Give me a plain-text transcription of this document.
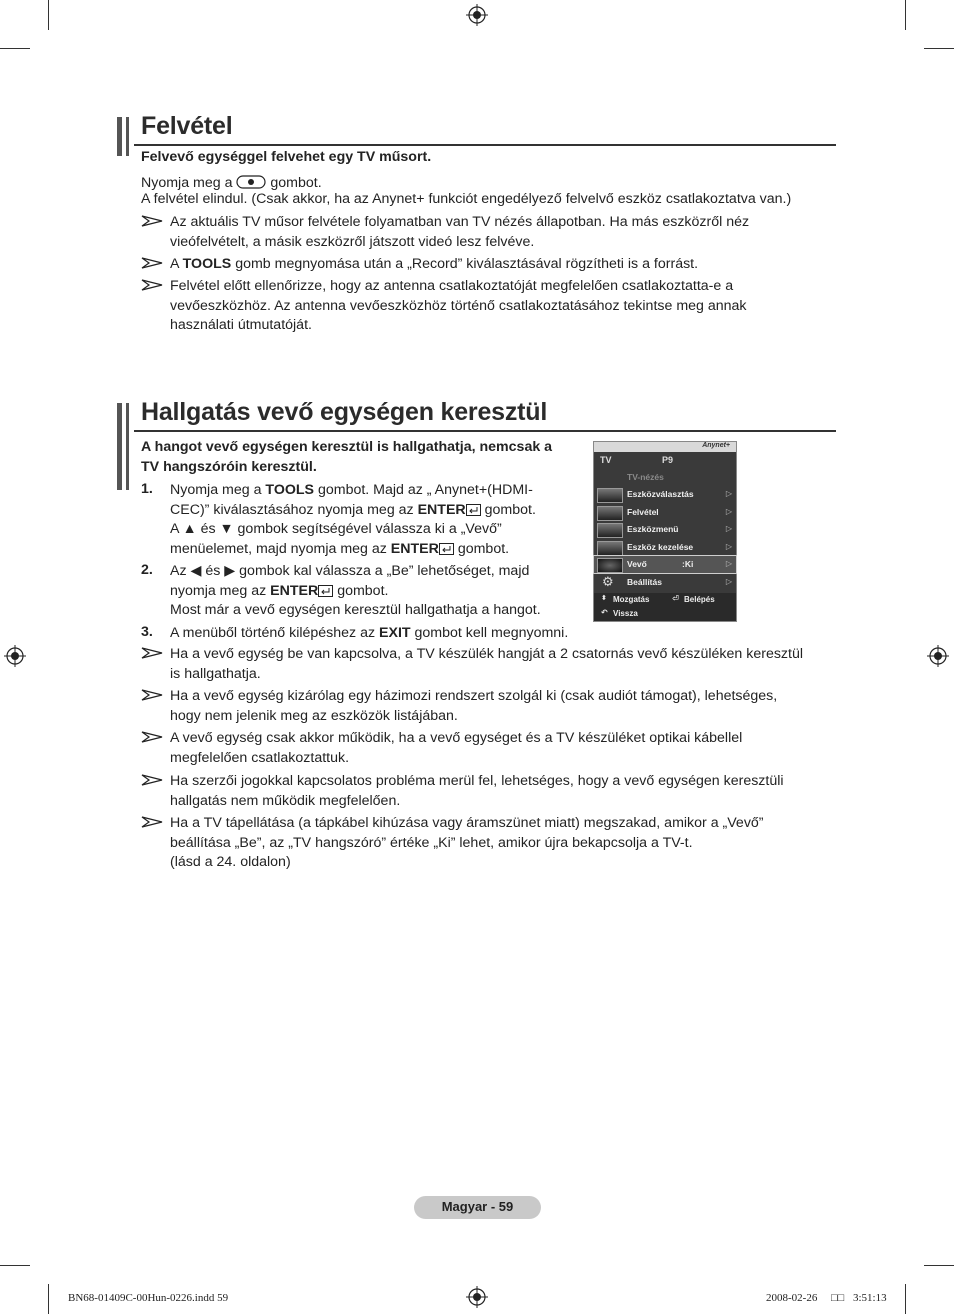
Felvétel
Felvevő egységgel felvehet egy TV műsort.
Nyomja meg a	gombot.
A felvétel elindul. (Csak akkor, ha az Anynet+ funkciót engedélyező felvelvő eszköz csatlakoztatva van.)
Az aktuális TV műsor felvétele folyamatban van TV nézés állapotban. Ha más eszközről néz
vieófelvételt, a másik eszközről játszott videó lesz felvéve.
A TOOLS gomb megnyomása után a „Record” kiválasztásával rögzítheti is a forrást.
Felvétel előtt ellenőrizze, hogy az antenna csatlakoztatóját megfelelően csatlakoztatta-e a
vevőeszközhöz. Az antenna vevőeszközhöz történő csatlakoztatásához tekintse meg annak
használati útmutatóját.
Hallgatás vevő egységen keresztül
A hangot vevő egységen keresztül is hallgathatja, nemcsak a
TV hangszóróin keresztül.
1. Nyomja meg a TOOLS gombot. Majd az „ Anynet+(HDMI-
CEC)” kiválasztásához nyomja meg az ENTER gombot.
A ▲ és ▼ gombok segítségével válassza ki a „Vevő”
menüelemet, majd nyomja meg az ENTER gombot.
2. Az ◀ és ▶ gombok kal válassza a „Be” lehetőséget, majd
nyomja meg az ENTER gombot.
Most már a vevő egységen keresztül hallgathatja a hangot.
3. A menüből történő kilépéshez az EXIT gombot kell megnyomni.
Ha a vevő egység be van kapcsolva, a TV készülék hangját a 2 csatornás vevő készüléken keresztül
is hallgathatja.
Ha a vevő egység kizárólag egy házimozi rendszert szolgál ki (csak audiót támogat), lehetséges,
hogy nem jelenik meg az eszközök listájában.
A vevő egység csak akkor működik, ha a vevő egységet és a TV készüléket optikai kábellel
megfelelően csatlakoztattuk.
Ha szerzői jogokkal kapcsolatos probléma merül fel, lehetséges, hogy a vevő egységen keresztüli
hallgatás nem működik megfelelően.
Ha a TV tápellátása (a tápkábel kihúzása vagy áramszünet miatt) megszakad, amikor a „Vevő”
beállítása „Be”, az „TV hangszóró” értéke „Ki” lehet, amikor újra bekapcsolja a TV-t.
(lásd a 24. oldalon)
Anynet+
TV	P9
TV-nézés
Eszközválasztás	▷
Felvétel	▷
Eszközmenü	▷
Eszköz kezelése	▷
Vevő	:Ki	▷
⚙ Beállítás	▷
⬍ Mozgatás	⏎ Belépés
↶ Vissza
Magyar - 59
BN68-01409C-00Hun-0226.indd 59	2008-02-26 □□ 3:51:13
